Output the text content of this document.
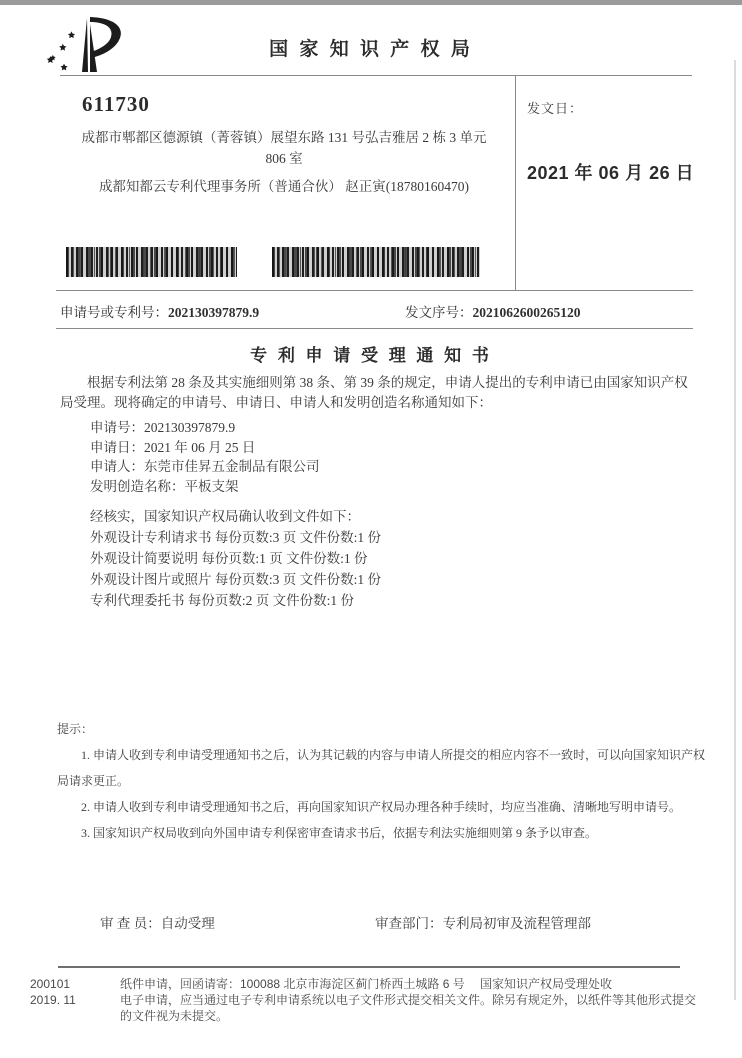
国 家 知 识 产 权 局
611730
成都市郫都区德源镇（菁蓉镇）展望东路 131 号弘吉雅居 2 栋 3 单元
806 室
成都知都云专利代理事务所（普通合伙） 赵正寅(18780160470)
发文日：
2021 年 06 月 26 日
申请号或专利号：202130397879.9	发文序号：2021062600265120
专 利 申 请 受 理 通 知 书
根据专利法第 28 条及其实施细则第 38 条、第 39 条的规定，申请人提出的专利申请已由国家知识产权局受理。现将确定的申请号、申请日、申请人和发明创造名称通知如下：
申请号：202130397879.9
申请日：2021 年 06 月 25 日
申请人：东莞市佳昇五金制品有限公司
发明创造名称：平板支架
经核实，国家知识产权局确认收到文件如下：
外观设计专利请求书 每份页数:3 页 文件份数:1 份
外观设计简要说明 每份页数:1 页 文件份数:1 份
外观设计图片或照片 每份页数:3 页 文件份数:1 份
专利代理委托书 每份页数:2 页 文件份数:1 份
提示：
1. 申请人收到专利申请受理通知书之后，认为其记载的内容与申请人所提交的相应内容不一致时，可以向国家知识产权局请求更正。
2. 申请人收到专利申请受理通知书之后，再向国家知识产权局办理各种手续时，均应当准确、清晰地写明申请号。
3. 国家知识产权局收到向外国申请专利保密审查请求书后，依据专利法实施细则第 9 条予以审查。
审 查 员：自动受理	审查部门：专利局初审及流程管理部
200101	纸件申请，回函请寄：100088 北京市海淀区蓟门桥西土城路 6 号　 国家知识产权局受理处收
2019. 11	电子申请，应当通过电子专利申请系统以电子文件形式提交相关文件。除另有规定外，以纸件等其他形式提交的文件视为未提交。
